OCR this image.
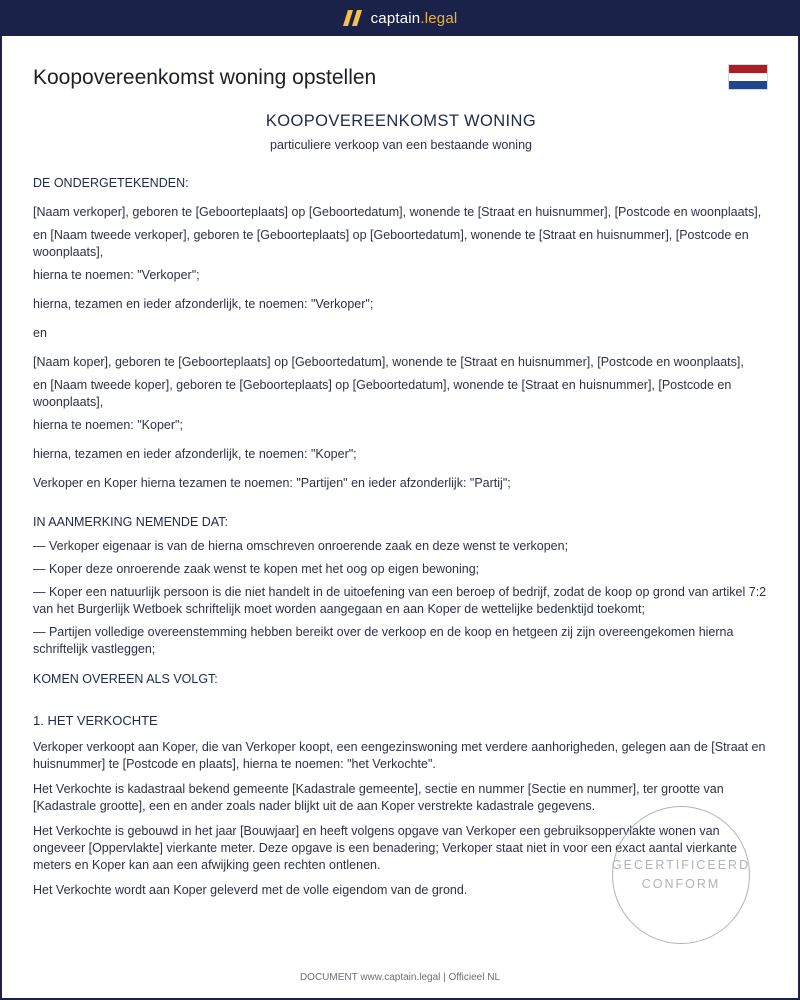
captain.legal
Koopovereenkomst woning opstellen
KOOPOVEREENKOMST WONING
particuliere verkoop van een bestaande woning
DE ONDERGETEKENDEN:

[Naam verkoper], geboren te [Geboorteplaats] op [Geboortedatum], wonende te [Straat en huisnummer], [Postcode en woonplaats],

en [Naam tweede verkoper], geboren te [Geboorteplaats] op [Geboortedatum], wonende te [Straat en huisnummer], [Postcode en woonplaats],

hierna te noemen: "Verkoper";

hierna, tezamen en ieder afzonderlijk, te noemen: "Verkoper";

en

[Naam koper], geboren te [Geboorteplaats] op [Geboortedatum], wonende te [Straat en huisnummer], [Postcode en woonplaats],

en [Naam tweede koper], geboren te [Geboorteplaats] op [Geboortedatum], wonende te [Straat en huisnummer], [Postcode en woonplaats],

hierna te noemen: "Koper";

hierna, tezamen en ieder afzonderlijk, te noemen: "Koper";

Verkoper en Koper hierna tezamen te noemen: "Partijen" en ieder afzonderlijk: "Partij";

IN AANMERKING NEMENDE DAT:

— Verkoper eigenaar is van de hierna omschreven onroerende zaak en deze wenst te verkopen;

— Koper deze onroerende zaak wenst te kopen met het oog op eigen bewoning;

— Koper een natuurlijk persoon is die niet handelt in de uitoefening van een beroep of bedrijf, zodat de koop op grond van artikel 7:2 van het Burgerlijk Wetboek schriftelijk moet worden aangegaan en aan Koper de wettelijke bedenktijd toekomt;

— Partijen volledige overeenstemming hebben bereikt over de verkoop en de koop en hetgeen zij zijn overeengekomen hierna schriftelijk vastleggen;

KOMEN OVEREEN ALS VOLGT:
1. HET VERKOCHTE

Verkoper verkoopt aan Koper, die van Verkoper koopt, een eengezinswoning met verdere aanhorigheden, gelegen aan de [Straat en huisnummer] te [Postcode en plaats], hierna te noemen: "het Verkochte".

Het Verkochte is kadastraal bekend gemeente [Kadastrale gemeente], sectie en nummer [Sectie en nummer], ter grootte van [Kadastrale grootte], een en ander zoals nader blijkt uit de aan Koper verstrekte kadastrale gegevens.

Het Verkochte is gebouwd in het jaar [Bouwjaar] en heeft volgens opgave van Verkoper een gebruiksoppervlakte wonen van ongeveer [Oppervlakte] vierkante meter. Deze opgave is een benadering; Verkoper staat niet in voor een exact aantal vierkante meters en Koper kan aan een afwijking geen rechten ontlenen.

Het Verkochte wordt aan Koper geleverd met de volle eigendom van de grond.

GECERTIFICEERD
CONFORM
DOCUMENT www.captain.legal | Officieel NL
